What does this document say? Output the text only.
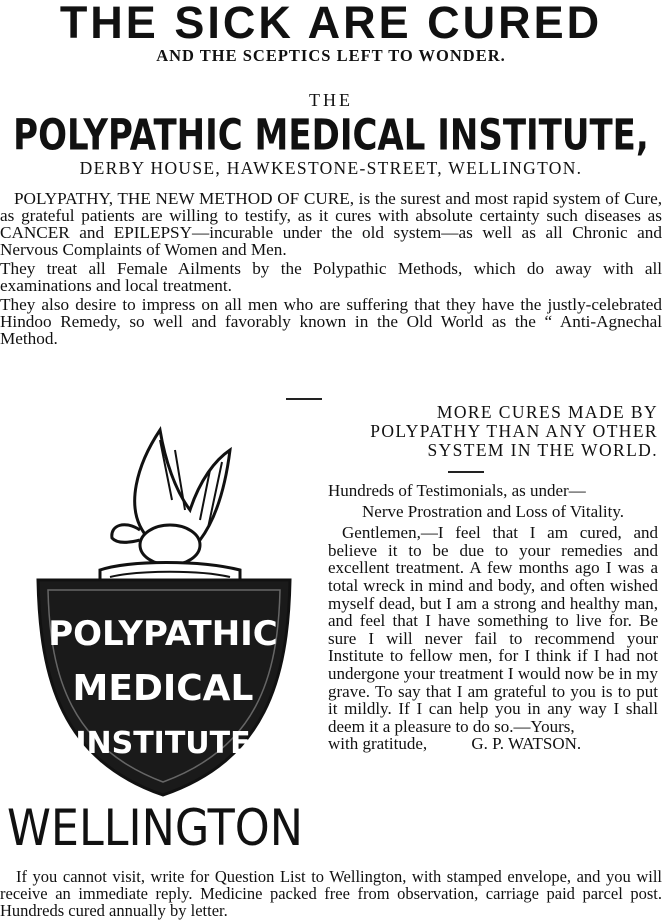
THE SICK ARE CURED
AND THE SCEPTICS LEFT TO WONDER.
THE
POLYPATHIC MEDICAL INSTITUTE,
DERBY HOUSE, HAWKESTONE-STREET, WELLINGTON.

POLYPATHY, THE NEW METHOD OF CURE, is the surest and most rapid system of Cure, as grateful patients are willing to testify, as it cures with absolute certainty such diseases as CANCER and EPILEPSY—incurable under the old system—as well as all Chronic and Nervous Complaints of Women and Men.

They treat all Female Ailments by the Polypathic Methods, which do away with all examinations and local treatment.

They also desire to impress on all men who are suffering that they have the justly-celebrated Hindoo Remedy, so well and favorably known in the Old World as the “ Anti-Agnechal Method.

POLYPATHIC
MEDICAL
INSTITUTE
WELLINGTON
MORE CURES MADE BY POLYPATHY THAN ANY OTHER SYSTEM IN THE WORLD.
Hundreds of Testimonials, as under—
Nerve Prostration and Loss of Vitality.

Gentlemen,—I feel that I am cured, and believe it to be due to your remedies and excellent treatment. A few months ago I was a total wreck in mind and body, and often wished myself dead, but I am a strong and healthy man, and feel that I have something to live for. Be sure I will never fail to recommend your Institute to fellow men, for I think if I had not undergone your treatment I would now be in my grave. To say that I am grateful to you is to put it mildly. If I can help you in any way I shall deem it a pleasure to do so.—Yours,

with gratitude,	G. P. WATSON.

If you cannot visit, write for Question List to Wellington, with stamped envelope, and you will receive an immediate reply. Medicine packed free from observation, carriage paid parcel post. Hundreds cured annually by letter.
